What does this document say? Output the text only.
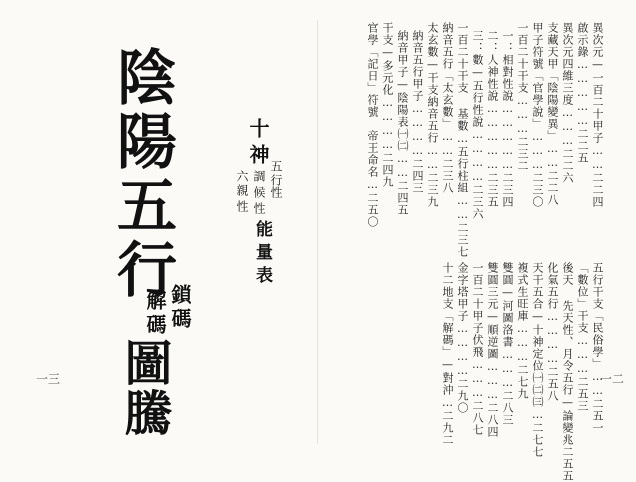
一三
陰陽五行
鎖碼
解碼
圖騰
十神
五行
六親 調
候 性
性
性
能量表
一二
異次元—一百二十甲子……二二四
啟示錄……………二二五
異次元四維三度………二二六
支藏天甲「陰陽變異」……二二八
甲子符號「官學說」………二三〇
一百二十干支………二三二
一：相對性說……………二三四
二：人神性說……………二三五
三：數—五行性說…………二三六
一百二十干支 基數…五行柱組……二三七
納音五行「太玄數」……二三八
太玄數—干支納音五行……二三九
納音五行甲子…………二四三
納音甲子—陰陽表㈠㈡……二四五
干支—多元化…………二四九
官學「記日」符號　帝王命名…二五〇
五行干支「民俗學」……二五一
「數位」干支………二五三
後天 先天性、月令五行—論變兆二五五
化氣五行…………二五八
天干五合—十神定位㈠㈡㈢…二七七
複式生旺庫………二七九
雙圓—河圖洛書………二八三
雙圓三元—順逆圖………二八四
一百二十甲子伏飛………二八七
金字塔甲子…………二九〇
十二地支「解碼」—對沖…二九二
